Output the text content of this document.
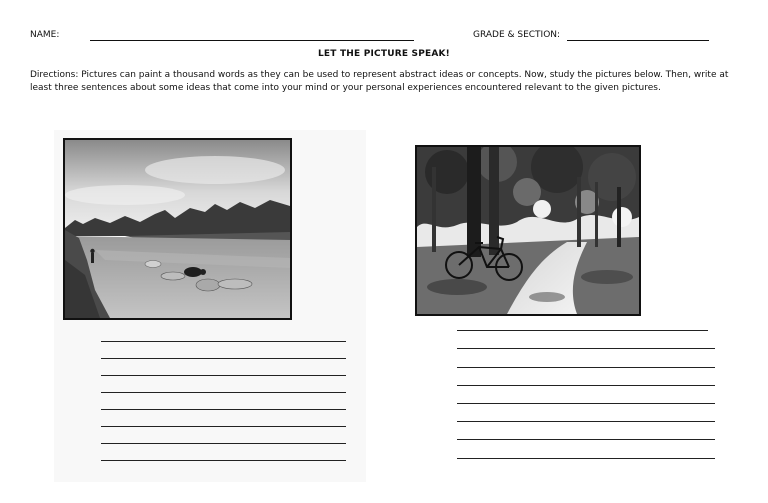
NAME:	GRADE & SECTION:
LET THE PICTURE SPEAK!
Directions: Pictures can paint a thousand words as they can be used to represent abstract ideas or concepts. Now, study the pictures below. Then, write at least three sentences about some ideas that come into your mind or your personal experiences encountered relevant to the given pictures.
